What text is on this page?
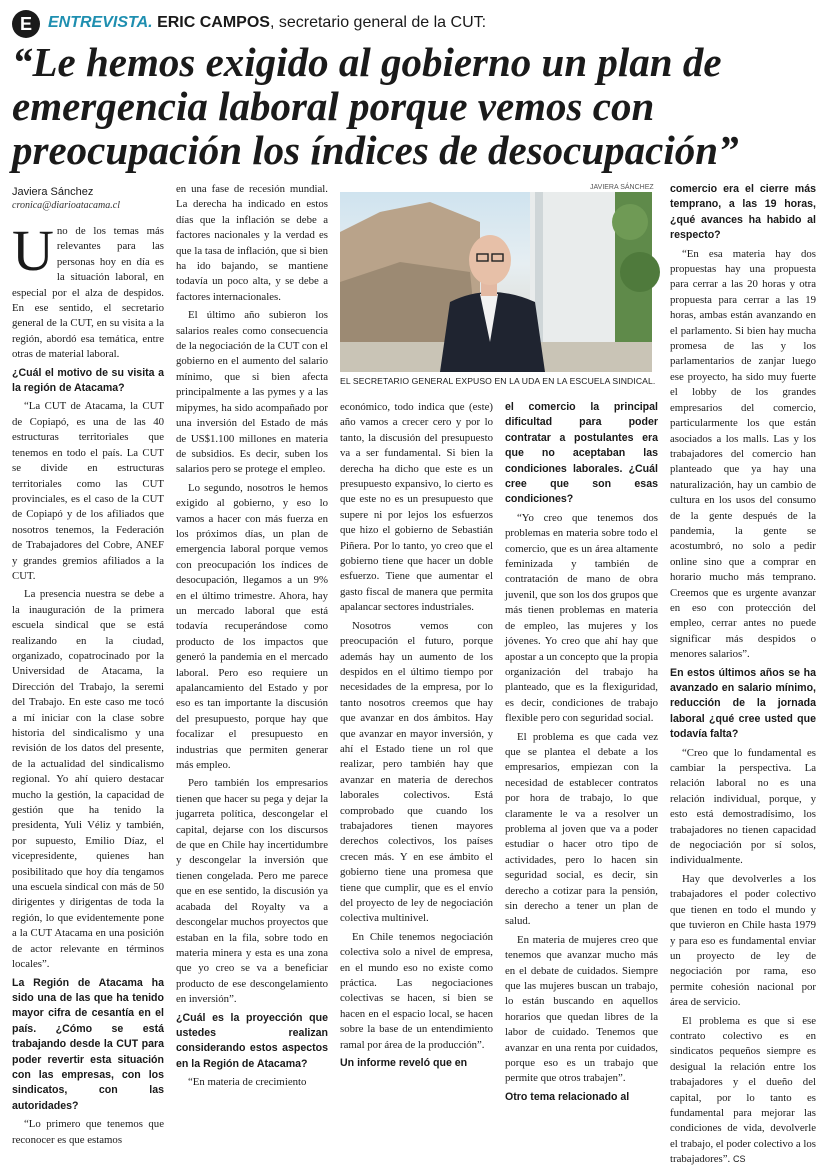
E	ENTREVISTA. ERIC CAMPOS, secretario general de la CUT:
“Le hemos exigido al gobierno un plan de
emergencia laboral porque vemos con
preocupación los índices de desocupación”
Javiera Sánchez
cronica@diarioatacama.cl
JAVIERA SÁNCHEZ
EL SECRETARIO GENERAL EXPUSO EN LA UDA EN LA ESCUELA SINDICAL.

Uno de los temas más relevantes para las personas hoy en día es la situación laboral, en especial por el alza de despidos. En ese sentido, el secretario general de la CUT, en su visita a la región, abordó esa temática, entre otras de material laboral.

¿Cuál el motivo de su visita a la región de Atacama?

“La CUT de Atacama, la CUT de Copiapó, es una de las 40 estructuras territoriales que tenemos en todo el país. La CUT se divide en estructuras territoriales como las CUT provinciales, es el caso de la CUT de Copiapó y de los afiliados que nosotros tenemos, la Federación de Trabajadores del Cobre, ANEF y grandes gremios afiliados a la CUT.

La presencia nuestra se debe a la inauguración de la primera escuela sindical que se está realizando en la ciudad, organizado, copatrocinado por la Universidad de Atacama, la Dirección del Trabajo, la seremi del Trabajo. En este caso me tocó a mí iniciar con la clase sobre historia del sindicalismo y una revisión de los datos del presente, de la actualidad del sindicalismo regional. Yo ahí quiero destacar mucho la gestión, la capacidad de gestión que ha tenido la presidenta, Yuli Véliz y también, por supuesto, Emilio Díaz, el vicepresidente, quienes han posibilitado que hoy día tengamos una escuela sindical con más de 50 dirigentes y dirigentas de toda la región, lo que evidentemente pone a la CUT Atacama en una posición de actor relevante en términos locales”.

La Región de Atacama ha sido una de las que ha tenido mayor cifra de cesantía en el país. ¿Cómo se está trabajando desde la CUT para poder revertir esta situación con las empresas, con los sindicatos, con las autoridades?

“Lo primero que tenemos que reconocer es que estamos

en una fase de recesión mundial. La derecha ha indicado en estos días que la inflación se debe a factores nacionales y la verdad es que la tasa de inflación, que si bien ha ido bajando, se mantiene todavía un poco alta, y se debe a factores internacionales.

El último año subieron los salarios reales como consecuencia de la negociación de la CUT con el gobierno en el aumento del salario mínimo, que si bien afecta principalmente a las pymes y a las mipymes, ha sido acompañado por una inversión del Estado de más de US$1.100 millones en materia de subsidios. Es decir, suben los salarios pero se protege el empleo.

Lo segundo, nosotros le hemos exigido al gobierno, y eso lo vamos a hacer con más fuerza en los próximos días, un plan de emergencia laboral porque vemos con preocupación los índices de desocupación, llegamos a un 9% en el último trimestre. Ahora, hay un mercado laboral que está todavía recuperándose como producto de los impactos que generó la pandemia en el mercado laboral. Pero eso requiere un apalancamiento del Estado y por eso es tan importante la discusión del presupuesto, porque hay que focalizar el presupuesto en industrias que permiten generar más empleo.

Pero también los empresarios tienen que hacer su pega y dejar la jugarreta política, descongelar el capital, dejarse con los discursos de que en Chile hay incertidumbre y descongelar la inversión que tienen congelada. Pero me parece que en ese sentido, la discusión ya acabada del Royalty va a descongelar muchos proyectos que estaban en la fila, sobre todo en materia minera y esta es una zona que yo creo se va a beneficiar producto de ese descongelamiento en inversión”.

¿Cuál es la proyección que ustedes realizan considerando estos aspectos en la Región de Atacama?

“En materia de crecimiento

económico, todo indica que (este) año vamos a crecer cero y por lo tanto, la discusión del presupuesto va a ser fundamental. Si bien la derecha ha dicho que este es un presupuesto expansivo, lo cierto es que este no es un presupuesto que supere ni por lejos los esfuerzos que hizo el gobierno de Sebastián Piñera. Por lo tanto, yo creo que el gobierno tiene que hacer un doble esfuerzo. Tiene que aumentar el gasto fiscal de manera que permita apalancar sectores industriales.

Nosotros vemos con preocupación el futuro, porque además hay un aumento de los despidos en el último tiempo por necesidades de la empresa, por lo tanto nosotros creemos que hay que avanzar en dos ámbitos. Hay que avanzar en mayor inversión, y ahí el Estado tiene un rol que realizar, pero también hay que avanzar en materia de derechos laborales colectivos. Está comprobado que cuando los trabajadores tienen mayores derechos colectivos, los países crecen más. Y en ese ámbito el gobierno tiene una promesa que tiene que cumplir, que es el envío del proyecto de ley de negociación colectiva multinivel.

En Chile tenemos negociación colectiva solo a nivel de empresa, en el mundo eso no existe como práctica. Las negociaciones colectivas se hacen, si bien se hacen en el espacio local, se hacen sobre la base de un entendimiento ramal por área de la producción”.

Un informe reveló que en

el comercio la principal dificultad para poder contratar a postulantes era que no aceptaban las condiciones laborales. ¿Cuál cree que son esas condiciones?

“Yo creo que tenemos dos problemas en materia sobre todo el comercio, que es un área altamente feminizada y también de contratación de mano de obra juvenil, que son los dos grupos que más tienen problemas en materia de empleo, las mujeres y los jóvenes. Yo creo que ahí hay que apostar a un concepto que la propia organización del trabajo ha planteado, que es la flexiguridad, es decir, condiciones de trabajo flexible pero con seguridad social.

El problema es que cada vez que se plantea el debate a los empresarios, empiezan con la necesidad de establecer contratos por hora de trabajo, lo que claramente le va a resolver un problema al joven que va a poder estudiar o hacer otro tipo de actividades, pero lo hacen sin seguridad social, es decir, sin derecho a cotizar para la pensión, sin derecho a tener un plan de salud.

En materia de mujeres creo que tenemos que avanzar mucho más en el debate de cuidados. Siempre que las mujeres buscan un trabajo, lo están buscando en aquellos horarios que quedan libres de la labor de cuidado. Tenemos que avanzar en una renta por cuidados, porque eso es un trabajo que permite que otros trabajen”.

Otro tema relacionado al

comercio era el cierre más temprano, a las 19 horas, ¿qué avances ha habido al respecto?

“En esa materia hay dos propuestas hay una propuesta para cerrar a las 20 horas y otra propuesta para cerrar a las 19 horas, ambas están avanzando en el parlamento. Si bien hay mucha promesa de las y los parlamentarios de zanjar luego ese proyecto, ha sido muy fuerte el lobby de los grandes empresarios del comercio, particularmente los que están asociados a los malls. Las y los trabajadores del comercio han planteado que ya hay una naturalización, hay un cambio de cultura en los usos del consumo de la gente después de la pandemia, la gente se acostumbró, no solo a pedir online sino que a comprar en horario mucho más temprano. Creemos que es urgente avanzar en eso con protección del empleo, cerrar antes no puede significar más despidos o menores salarios”.

En estos últimos años se ha avanzado en salario mínimo, reducción de la jornada laboral ¿qué cree usted que todavía falta?

“Creo que lo fundamental es cambiar la perspectiva. La relación laboral no es una relación individual, porque, y esto está demostradísimo, los trabajadores no tienen capacidad de negociación por sí solos, individualmente.

Hay que devolverles a los trabajadores el poder colectivo que tienen en todo el mundo y que tuvieron en Chile hasta 1979 y para eso es fundamental enviar un proyecto de ley de negociación por rama, eso permite cohesión nacional por área de servicio.

El problema es que si ese contrato colectivo es en sindicatos pequeños siempre es desigual la relación entre los trabajadores y el dueño del capital, por lo tanto es fundamental para mejorar las condiciones de vida, devolverle el trabajo, el poder colectivo a los trabajadores”. CS
